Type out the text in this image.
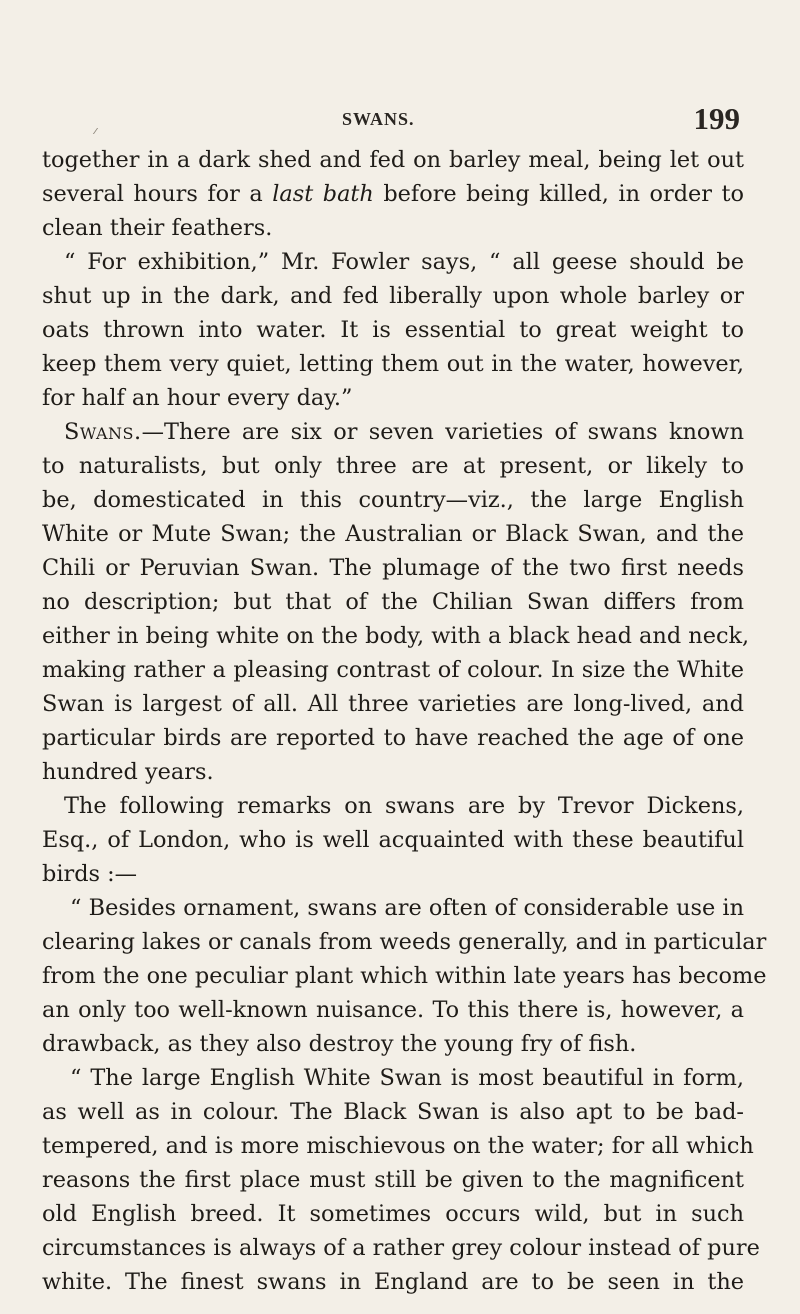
SWANS.	199
together in a dark shed and fed on barley meal, being let out
several hours for a last bath before being killed, in order to
clean their feathers.
“ For exhibition,” Mr. Fowler says, “ all geese should be
shut up in the dark, and fed liberally upon whole barley or
oats thrown into water. It is essential to great weight to
keep them very quiet, letting them out in the water, however,
for half an hour every day.”
Swans.—There are six or seven varieties of swans known
to naturalists, but only three are at present, or likely to
be, domesticated in this country—viz., the large English
White or Mute Swan; the Australian or Black Swan, and the
Chili or Peruvian Swan. The plumage of the two first needs
no description; but that of the Chilian Swan differs from
either in being white on the body, with a black head and neck,
making rather a pleasing contrast of colour. In size the White
Swan is largest of all. All three varieties are long-lived, and
particular birds are reported to have reached the age of one
hundred years.
The following remarks on swans are by Trevor Dickens,
Esq., of London, who is well acquainted with these beautiful
birds :—
“ Besides ornament, swans are often of considerable use in
clearing lakes or canals from weeds generally, and in particular
from the one peculiar plant which within late years has become
an only too well-known nuisance. To this there is, however, a
drawback, as they also destroy the young fry of fish.
“ The large English White Swan is most beautiful in form,
as well as in colour. The Black Swan is also apt to be bad-
tempered, and is more mischievous on the water; for all which
reasons the first place must still be given to the magnificent
old English breed. It sometimes occurs wild, but in such
circumstances is always of a rather grey colour instead of pure
white. The finest swans in England are to be seen in the
